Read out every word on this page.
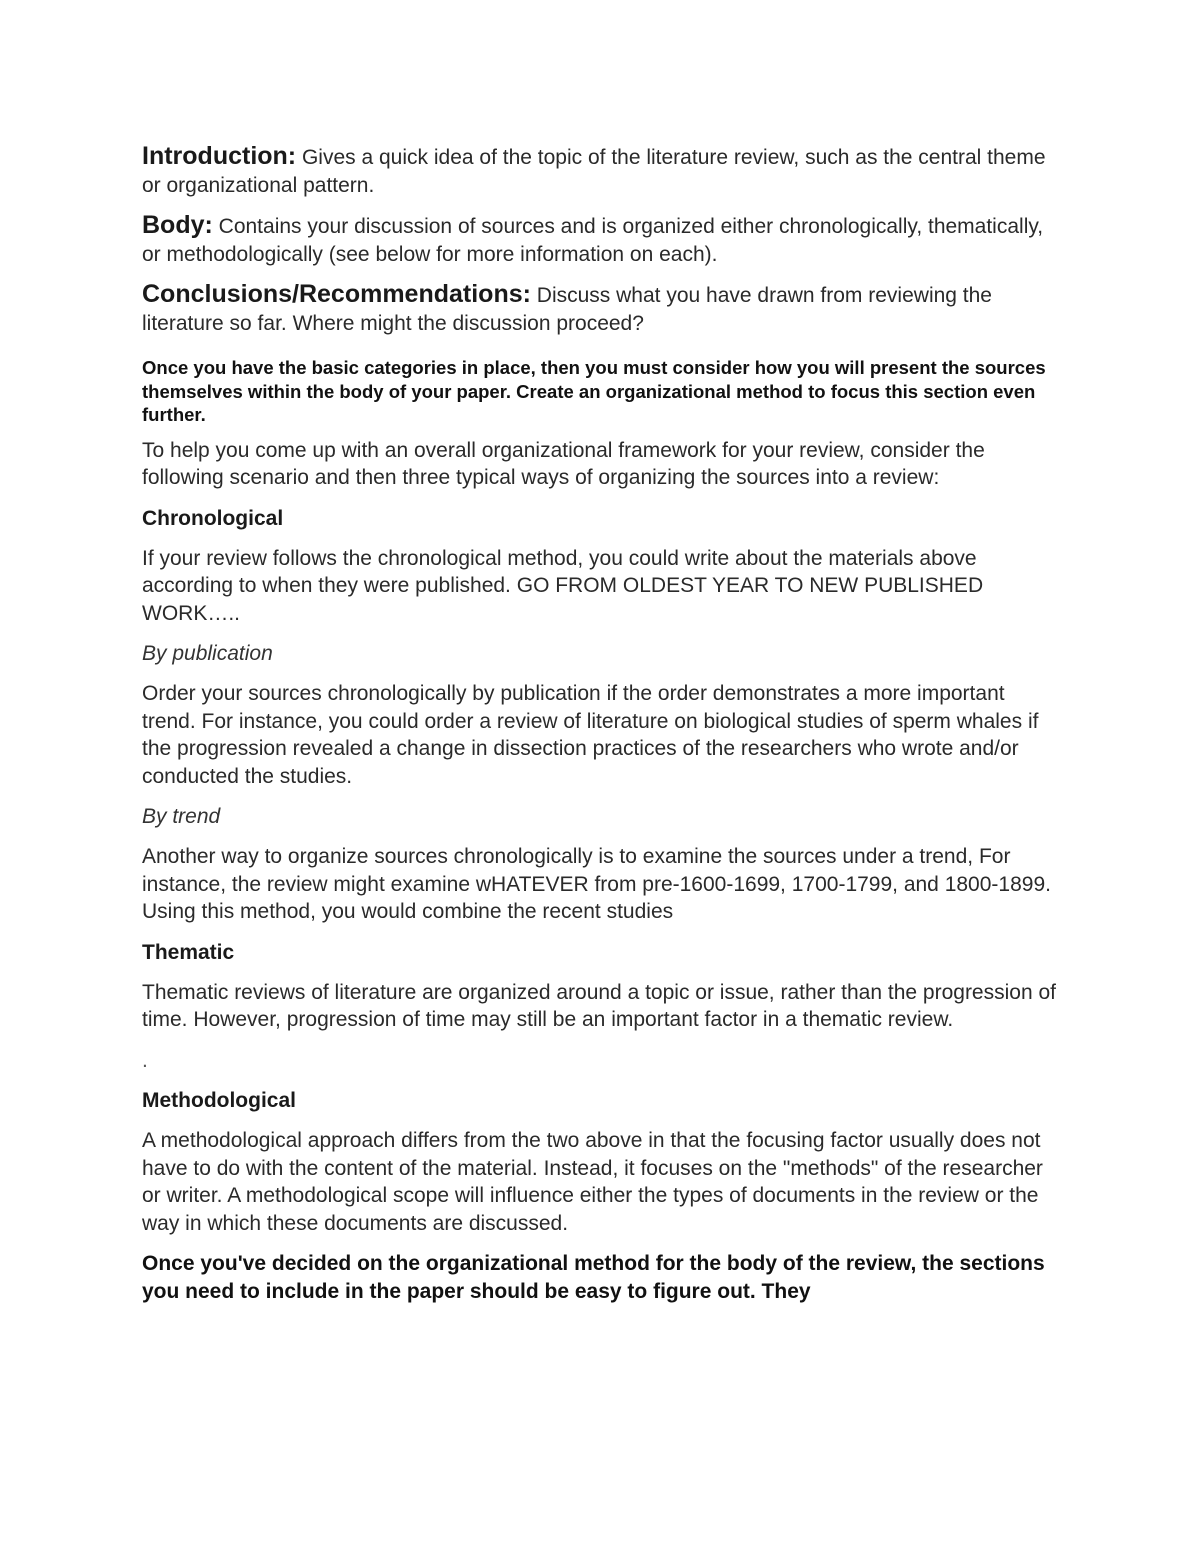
Introduction: Gives a quick idea of the topic of the literature review, such as the central theme or organizational pattern.

Body: Contains your discussion of sources and is organized either chronologically, thematically, or methodologically (see below for more information on each).

Conclusions/Recommendations: Discuss what you have drawn from reviewing the literature so far. Where might the discussion proceed?

Once you have the basic categories in place, then you must consider how you will present the sources themselves within the body of your paper. Create an organizational method to focus this section even further.

To help you come up with an overall organizational framework for your review, consider the following scenario and then three typical ways of organizing the sources into a review:

Chronological

If your review follows the chronological method, you could write about the materials above according to when they were published. GO FROM OLDEST YEAR TO NEW PUBLISHED WORK…..

By publication

Order your sources chronologically by publication if the order demonstrates a more important trend. For instance, you could order a review of literature on biological studies of sperm whales if the progression revealed a change in dissection practices of the researchers who wrote and/or conducted the studies.

By trend

Another way to organize sources chronologically is to examine the sources under a trend, For instance, the review might examine wHATEVER from pre-1600-1699, 1700-1799, and 1800-1899. Using this method, you would combine the recent studies

Thematic

Thematic reviews of literature are organized around a topic or issue, rather than the progression of time. However, progression of time may still be an important factor in a thematic review.

.

Methodological

A methodological approach differs from the two above in that the focusing factor usually does not have to do with the content of the material. Instead, it focuses on the "methods" of the researcher or writer. A methodological scope will influence either the types of documents in the review or the way in which these documents are discussed.

Once you've decided on the organizational method for the body of the review, the sections you need to include in the paper should be easy to figure out. They
